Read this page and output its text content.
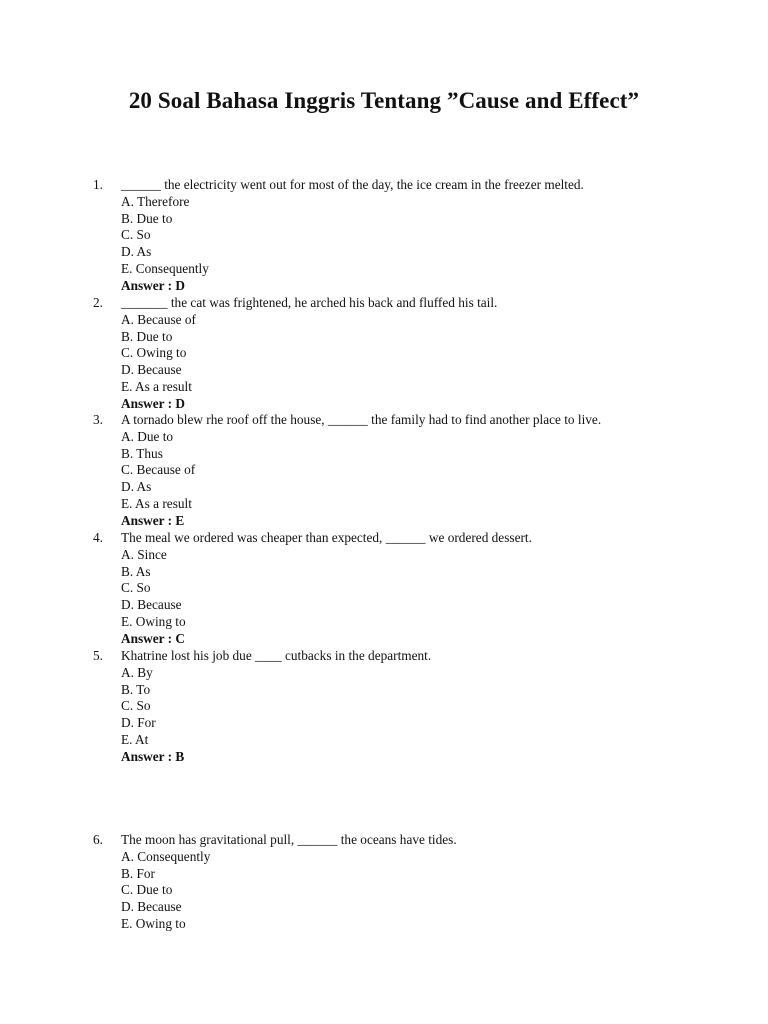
20 Soal Bahasa Inggris Tentang ”Cause and Effect”
1. ______ the electricity went out for most of the day, the ice cream in the freezer melted.
A. Therefore
B. Due to
C. So
D. As
E. Consequently
Answer : D
2. _______ the cat was frightened, he arched his back and fluffed his tail.
A. Because of
B. Due to
C. Owing to
D. Because
E. As a result
Answer : D
3. A tornado blew rhe roof off the house, ______ the family had to find another place to live.
A. Due to
B. Thus
C. Because of
D. As
E. As a result
Answer : E
4. The meal we ordered was cheaper than expected, ______ we ordered dessert.
A. Since
B. As
C. So
D. Because
E. Owing to
Answer : C
5. Khatrine lost his job due ____ cutbacks in the department.
A. By
B. To
C. So
D. For
E. At
Answer : B
6. The moon has gravitational pull, ______ the oceans have tides.
A. Consequently
B. For
C. Due to
D. Because
E. Owing to
